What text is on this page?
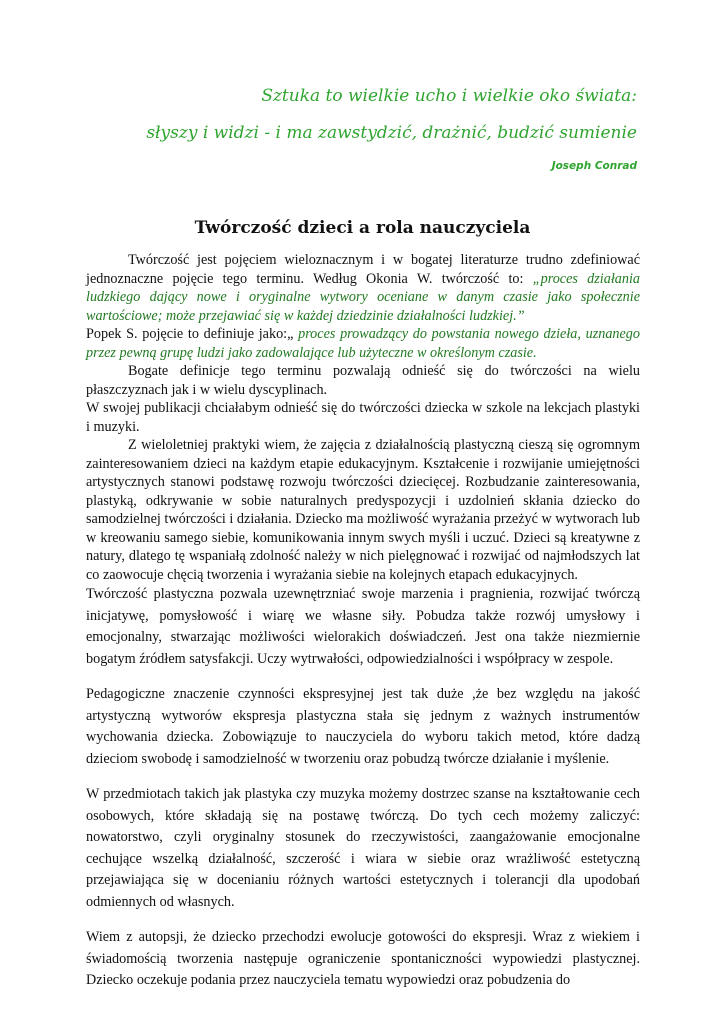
Sztuka to wielkie ucho i wielkie oko świata:

słyszy i widzi - i ma zawstydzić, drażnić, budzić sumienie

Joseph Conrad

Twórczość dzieci a rola nauczyciela

Twórczość jest pojęciem wieloznacznym i w bogatej literaturze trudno zdefiniować jednoznaczne pojęcie tego terminu. Według Okonia W. twórczość to: „proces działania ludzkiego dający nowe i oryginalne wytwory oceniane w danym czasie jako społecznie wartościowe; może przejawiać się w każdej dziedzinie działalności ludzkiej.”

Popek S. pojęcie to definiuje jako:„ proces prowadzący do powstania nowego dzieła, uznanego przez pewną grupę ludzi jako zadowalające lub użyteczne w określonym czasie.

Bogate definicje tego terminu pozwalają odnieść się do twórczości na wielu płaszczyznach jak i w wielu dyscyplinach.

W swojej publikacji chciałabym odnieść się do twórczości dziecka w szkole na lekcjach plastyki i muzyki.

Z wieloletniej praktyki wiem, że zajęcia z działalnością plastyczną cieszą się ogromnym zainteresowaniem dzieci na każdym etapie edukacyjnym. Kształcenie i rozwijanie umiejętności artystycznych stanowi podstawę rozwoju twórczości dziecięcej. Rozbudzanie zainteresowania, plastyką, odkrywanie w sobie naturalnych predyspozycji i uzdolnień skłania dziecko do samodzielnej twórczości i działania. Dziecko ma możliwość wyrażania przeżyć w wytworach lub w kreowaniu samego siebie, komunikowania innym swych myśli i uczuć. Dzieci są kreatywne z natury, dlatego tę wspaniałą zdolność należy w nich pielęgnować i rozwijać od najmłodszych lat co zaowocuje chęcią tworzenia i wyrażania siebie na kolejnych etapach edukacyjnych.

Twórczość plastyczna pozwala uzewnętrzniać swoje marzenia i pragnienia, rozwijać twórczą inicjatywę, pomysłowość i wiarę we własne siły. Pobudza także rozwój umysłowy i emocjonalny, stwarzając możliwości wielorakich doświadczeń. Jest ona także niezmiernie bogatym źródłem satysfakcji. Uczy wytrwałości, odpowiedzialności i współpracy w zespole.

Pedagogiczne znaczenie czynności ekspresyjnej jest tak duże ,że bez względu na jakość artystyczną wytworów ekspresja plastyczna stała się jednym z ważnych instrumentów wychowania dziecka. Zobowiązuje to nauczyciela do wyboru takich metod, które dadzą dzieciom swobodę i samodzielność w tworzeniu oraz pobudzą twórcze działanie i myślenie.

W przedmiotach takich jak plastyka czy muzyka możemy dostrzec szanse na kształtowanie cech osobowych, które składają się na postawę twórczą. Do tych cech możemy zaliczyć: nowatorstwo, czyli oryginalny stosunek do rzeczywistości, zaangażowanie emocjonalne cechujące wszelką działalność, szczerość i wiara w siebie oraz wrażliwość estetyczną przejawiająca się w docenianiu różnych wartości estetycznych i tolerancji dla upodobań odmiennych od własnych.

Wiem z autopsji, że dziecko przechodzi ewolucje gotowości do ekspresji. Wraz z wiekiem i świadomością tworzenia następuje ograniczenie spontaniczności wypowiedzi plastycznej. Dziecko oczekuje podania przez nauczyciela tematu wypowiedzi oraz pobudzenia do
